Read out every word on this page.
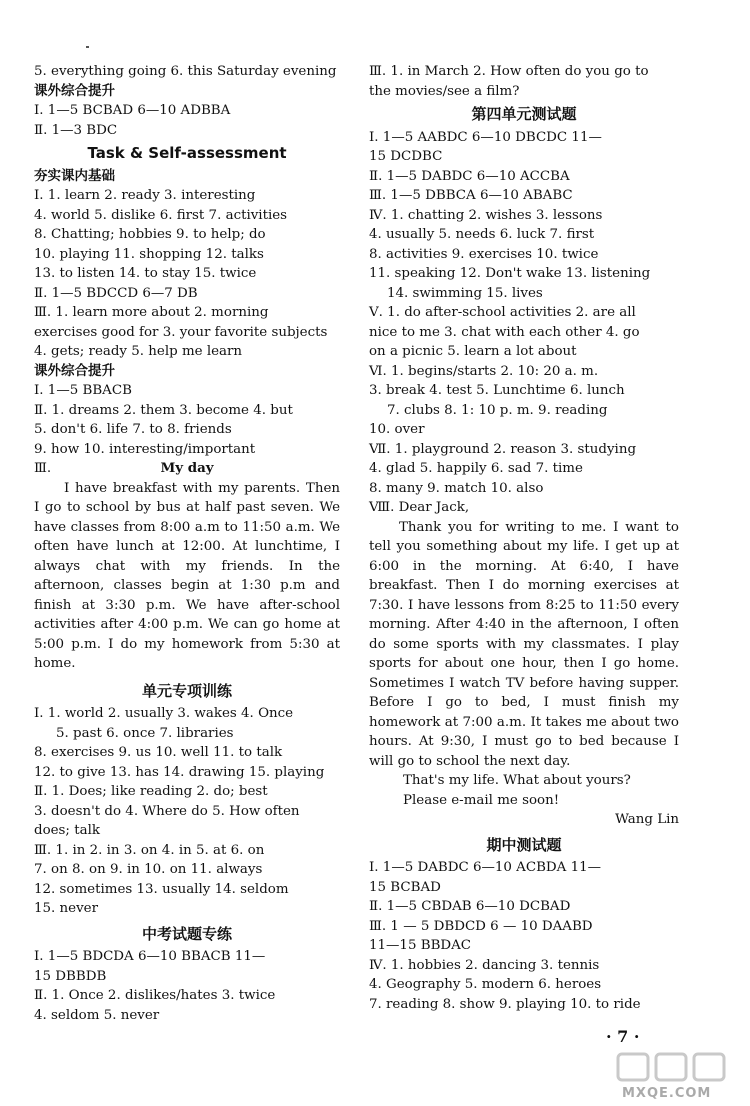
5. everything going 6. this Saturday evening
课外综合提升
Ⅰ. 1—5 BCBAD 6—10 ADBBA
Ⅱ. 1—3 BDC
Task & Self-assessment
夯实课内基础
Ⅰ. 1. learn 2. ready 3. interesting
4. world 5. dislike 6. first 7. activities
8. Chatting; hobbies 9. to help; do
10. playing 11. shopping 12. talks
13. to listen 14. to stay 15. twice
Ⅱ. 1—5 BDCCD 6—7 DB
Ⅲ. 1. learn more about 2. morning
exercises good for 3. your favorite subjects
4. gets; ready 5. help me learn
课外综合提升
Ⅰ. 1—5 BBACB
Ⅱ. 1. dreams 2. them 3. become 4. but
5. don't 6. life 7. to 8. friends
9. how 10. interesting/important
Ⅲ.	My day
I have breakfast with my parents. Then I go to school by bus at half past seven. We have classes from 8:00 a.m to 11:50 a.m. We often have lunch at 12:00. At lunchtime, I always chat with my friends. In the afternoon, classes begin at 1:30 p.m and finish at 3:30 p.m. We have after-school activities after 4:00 p.m. We can go home at 5:00 p.m. I do my homework from 5:30 at home.
单元专项训练
Ⅰ. 1. world 2. usually 3. wakes 4. Once
5. past 6. once 7. libraries
8. exercises 9. us 10. well 11. to talk
12. to give 13. has 14. drawing 15. playing
Ⅱ. 1. Does; like reading 2. do; best
3. doesn't do 4. Where do 5. How often
does; talk
Ⅲ. 1. in 2. in 3. on 4. in 5. at 6. on
7. on 8. on 9. in 10. on 11. always
12. sometimes 13. usually 14. seldom
15. never
中考试题专练
Ⅰ. 1—5 BDCDA 6—10 BBACB 11—
15 DBBDB
Ⅱ. 1. Once 2. dislikes/hates 3. twice
4. seldom 5. never
Ⅲ. 1. in March 2. How often do you go to
the movies/see a film?
第四单元测试题
Ⅰ. 1—5 AABDC 6—10 DBCDC 11—
15 DCDBC
Ⅱ. 1—5 DABDC 6—10 ACCBA
Ⅲ. 1—5 DBBCA 6—10 ABABC
Ⅳ. 1. chatting 2. wishes 3. lessons
4. usually 5. needs 6. luck 7. first
8. activities 9. exercises 10. twice
11. speaking 12. Don't wake 13. listening
14. swimming 15. lives
Ⅴ. 1. do after-school activities 2. are all
nice to me 3. chat with each other 4. go
on a picnic 5. learn a lot about
Ⅵ. 1. begins/starts 2. 10: 20 a. m.
3. break 4. test 5. Lunchtime 6. lunch
7. clubs 8. 1: 10 p. m. 9. reading
10. over
Ⅶ. 1. playground 2. reason 3. studying
4. glad 5. happily 6. sad 7. time
8. many 9. match 10. also
Ⅷ. Dear Jack,
Thank you for writing to me. I want to tell you something about my life. I get up at 6:00 in the morning. At 6:40, I have breakfast. Then I do morning exercises at 7:30. I have lessons from 8:25 to 11:50 every morning. After 4:40 in the afternoon, I often do some sports with my classmates. I play sports for about one hour, then I go home. Sometimes I watch TV before having supper. Before I go to bed, I must finish my homework at 7:00 a.m. It takes me about two hours. At 9:30, I must go to bed because I will go to school the next day.
That's my life. What about yours?
Please e-mail me soon!
Wang Lin
期中测试题
Ⅰ. 1—5 DABDC 6—10 ACBDA 11—
15 BCBAD
Ⅱ. 1—5 CBDAB 6—10 DCBAD
Ⅲ. 1 — 5 DBDCD 6 — 10 DAABD
11—15 BBDAC
Ⅳ. 1. hobbies 2. dancing 3. tennis
4. Geography 5. modern 6. heroes
7. reading 8. show 9. playing 10. to ride
· 7 ·
MXQE.COM
